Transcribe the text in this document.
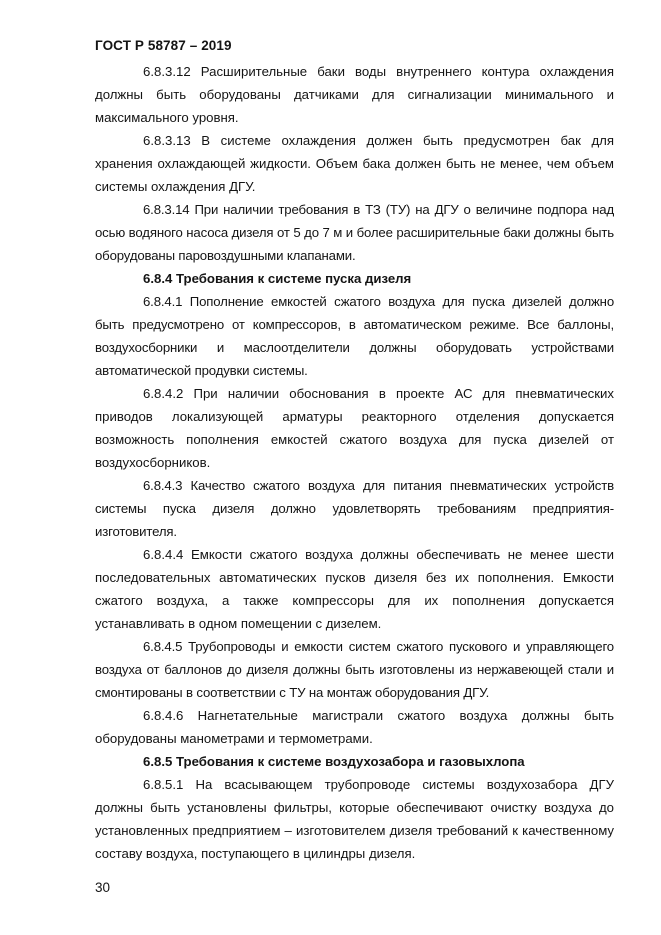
ГОСТ Р 58787 – 2019

6.8.3.12 Расширительные баки воды внутреннего контура охлаждения должны быть оборудованы датчиками для сигнализации минимального и максимального уровня.

6.8.3.13 В системе охлаждения должен быть предусмотрен бак для хранения охлаждающей жидкости. Объем бака должен быть не менее, чем объем системы охлаждения ДГУ.

6.8.3.14 При наличии требования в ТЗ (ТУ) на ДГУ о величине подпора над осью водяного насоса дизеля от 5 до 7 м и более расширительные баки должны быть оборудованы паровоздушными клапанами.

6.8.4 Требования к системе пуска дизеля

6.8.4.1 Пополнение емкостей сжатого воздуха для пуска дизелей должно быть предусмотрено от компрессоров, в автоматическом режиме. Все баллоны, воздухосборники и маслоотделители должны оборудовать устройствами автоматической продувки системы.

6.8.4.2 При наличии обоснования в проекте АС для пневматических приводов локализующей арматуры реакторного отделения допускается возможность пополнения емкостей сжатого воздуха для пуска дизелей от воздухосборников.

6.8.4.3 Качество сжатого воздуха для питания пневматических устройств системы пуска дизеля должно удовлетворять требованиям предприятия-изготовителя.

6.8.4.4 Емкости сжатого воздуха должны обеспечивать не менее шести последовательных автоматических пусков дизеля без их пополнения. Емкости сжатого воздуха, а также компрессоры для их пополнения допускается устанавливать в одном помещении с дизелем.

6.8.4.5 Трубопроводы и емкости систем сжатого пускового и управляющего воздуха от баллонов до дизеля должны быть изготовлены из нержавеющей стали и смонтированы в соответствии с ТУ на монтаж оборудования ДГУ.

6.8.4.6 Нагнетательные магистрали сжатого воздуха должны быть оборудованы манометрами и термометрами.

6.8.5 Требования к системе воздухозабора и газовыхлопа

6.8.5.1 На всасывающем трубопроводе системы воздухозабора ДГУ должны быть установлены фильтры, которые обеспечивают очистку воздуха до установленных предприятием – изготовителем дизеля требований к качественному составу воздуха, поступающего в цилиндры дизеля.

30
